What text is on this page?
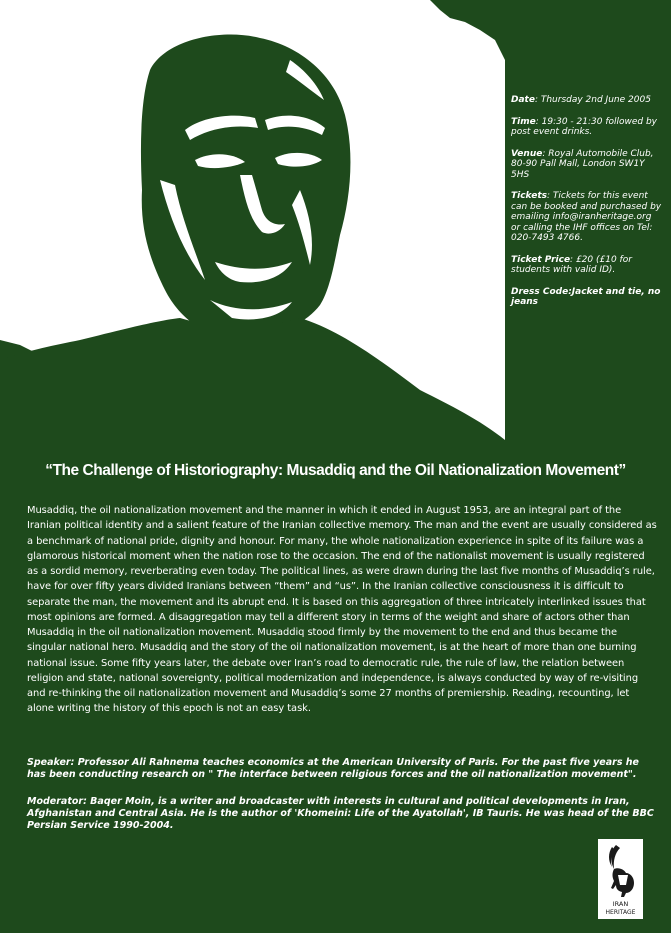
Date: Thursday 2nd June 2005

Time: 19:30 - 21:30 followed by post event drinks.

Venue: Royal Automobile Club, 80-90 Pall Mall, London SW1Y 5HS

Tickets: Tickets for this event can be booked and purchased by emailing info@iranheritage.org or calling the IHF offices on Tel: 020-7493 4766.

Ticket Price: £20 (£10 for students with valid ID).

Dress Code:Jacket and tie, no jeans

“The Challenge of Historiography: Musaddiq and the Oil Nationalization Movement”

Musaddiq, the oil nationalization movement and the manner in which it ended in August 1953, are an integral part of the Iranian political identity and a salient feature of the Iranian collective memory. The man and the event are usually considered as a benchmark of national pride, dignity and honour. For many, the whole nationalization experience in spite of its failure was a glamorous historical moment when the nation rose to the occasion. The end of the nationalist movement is usually registered as a sordid memory, reverberating even today. The political lines, as were drawn during the last five months of Musaddiq’s rule, have for over fifty years divided Iranians between “them” and “us”. In the Iranian collective consciousness it is difficult to separate the man, the movement and its abrupt end. It is based on this aggregation of three intricately interlinked issues that most opinions are formed. A disaggregation may tell a different story in terms of the weight and share of actors other than Musaddiq in the oil nationalization movement. Musaddiq stood firmly by the movement to the end and thus became the singular national hero. Musaddiq and the story of the oil nationalization movement, is at the heart of more than one burning national issue. Some fifty years later, the debate over Iran’s road to democratic rule, the rule of law, the relation between religion and state, national sovereignty, political modernization and independence, is always conducted by way of re-visiting and re-thinking the oil nationalization movement and Musaddiq’s some 27 months of premiership. Reading, recounting, let alone writing the history of this epoch is not an easy task.

Speaker: Professor Ali Rahnema teaches economics at the American University of Paris. For the past five years he has been conducting research on " The interface between religious forces and the oil nationalization movement".

Moderator: Baqer Moin, is a writer and broadcaster with interests in cultural and political developments in Iran, Afghanistan and Central Asia. He is the author of 'Khomeini: Life of the Ayatollah', IB Tauris. He was head of the BBC Persian Service 1990-2004.

IRAN
HERITAGE
